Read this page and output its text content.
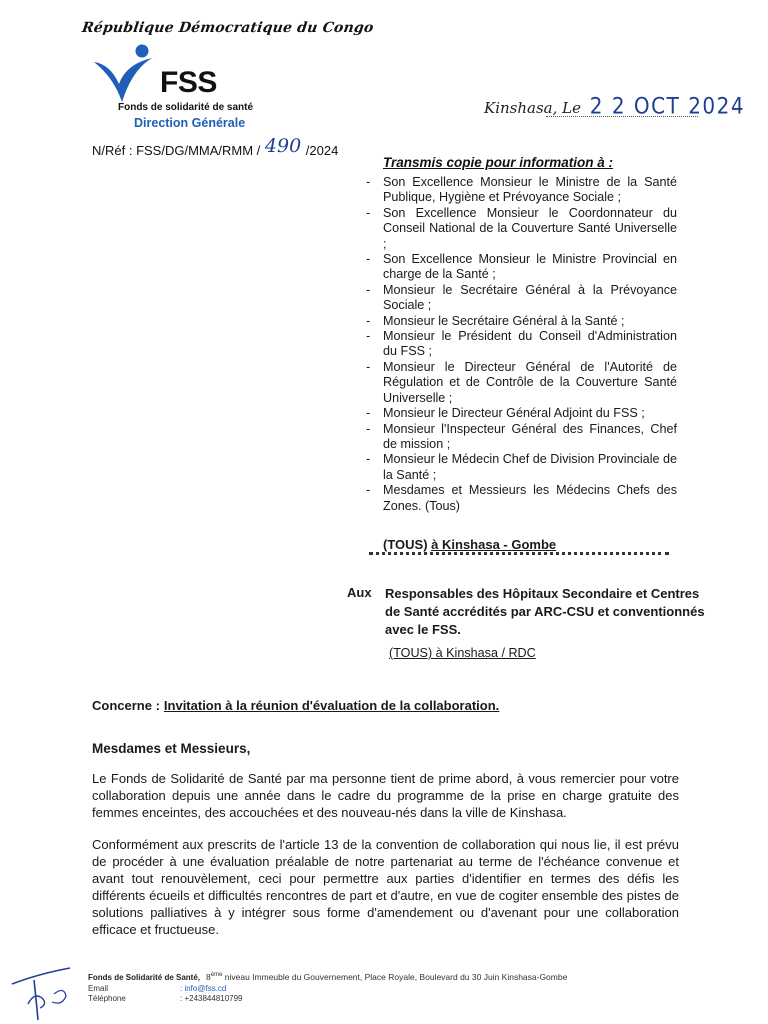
République Démocratique du Congo
FSS
Fonds de solidarité de santé
Direction Générale
Kinshasa, Le 2 2 OCT 2024
N/Réf : FSS/DG/MMA/RMM / 490 /2024
Transmis copie pour information à :
- Son Excellence Monsieur le Ministre de la Santé Publique, Hygiène et Prévoyance Sociale ;
- Son Excellence Monsieur le Coordonnateur du Conseil National de la Couverture Santé Universelle ;
- Son Excellence Monsieur le Ministre Provincial en charge de la Santé ;
- Monsieur le Secrétaire Général à la Prévoyance Sociale ;
- Monsieur le Secrétaire Général à la Santé ;
- Monsieur le Président du Conseil d'Administration du FSS ;
- Monsieur le Directeur Général de l'Autorité de Régulation et de Contrôle de la Couverture Santé Universelle ;
- Monsieur le Directeur Général Adjoint du FSS ;
- Monsieur l'Inspecteur Général des Finances, Chef de mission ;
- Monsieur le Médecin Chef de Division Provinciale de la Santé ;
- Mesdames et Messieurs les Médecins Chefs des Zones. (Tous)
(TOUS) à Kinshasa - Gombe
Aux Responsables des Hôpitaux Secondaire et Centres de Santé accrédités par ARC-CSU et conventionnés avec le FSS.
(TOUS) à Kinshasa / RDC
Concerne : Invitation à la réunion d'évaluation de la collaboration.
Mesdames et Messieurs,
Le Fonds de Solidarité de Santé par ma personne tient de prime abord, à vous remercier pour votre collaboration depuis une année dans le cadre du programme de la prise en charge gratuite des femmes enceintes, des accouchées et des nouveau-nés dans la ville de Kinshasa.
Conformément aux prescrits de l'article 13 de la convention de collaboration qui nous lie, il est prévu de procéder à une évaluation préalable de notre partenariat au terme de l'échéance convenue et avant tout renouvèlement, ceci pour permettre aux parties d'identifier en termes des défis les différents écueils et difficultés rencontres de part et d'autre, en vue de cogiter ensemble des pistes de solutions palliatives à y intégrer sous forme d'amendement ou d'avenant pour une collaboration efficace et fructueuse.
Fonds de Solidarité de Santé, 8ème niveau Immeuble du Gouvernement, Place Royale, Boulevard du 30 Juin Kinshasa-Gombe
Email	: info@fss.cd
Téléphone	: +243844810799
